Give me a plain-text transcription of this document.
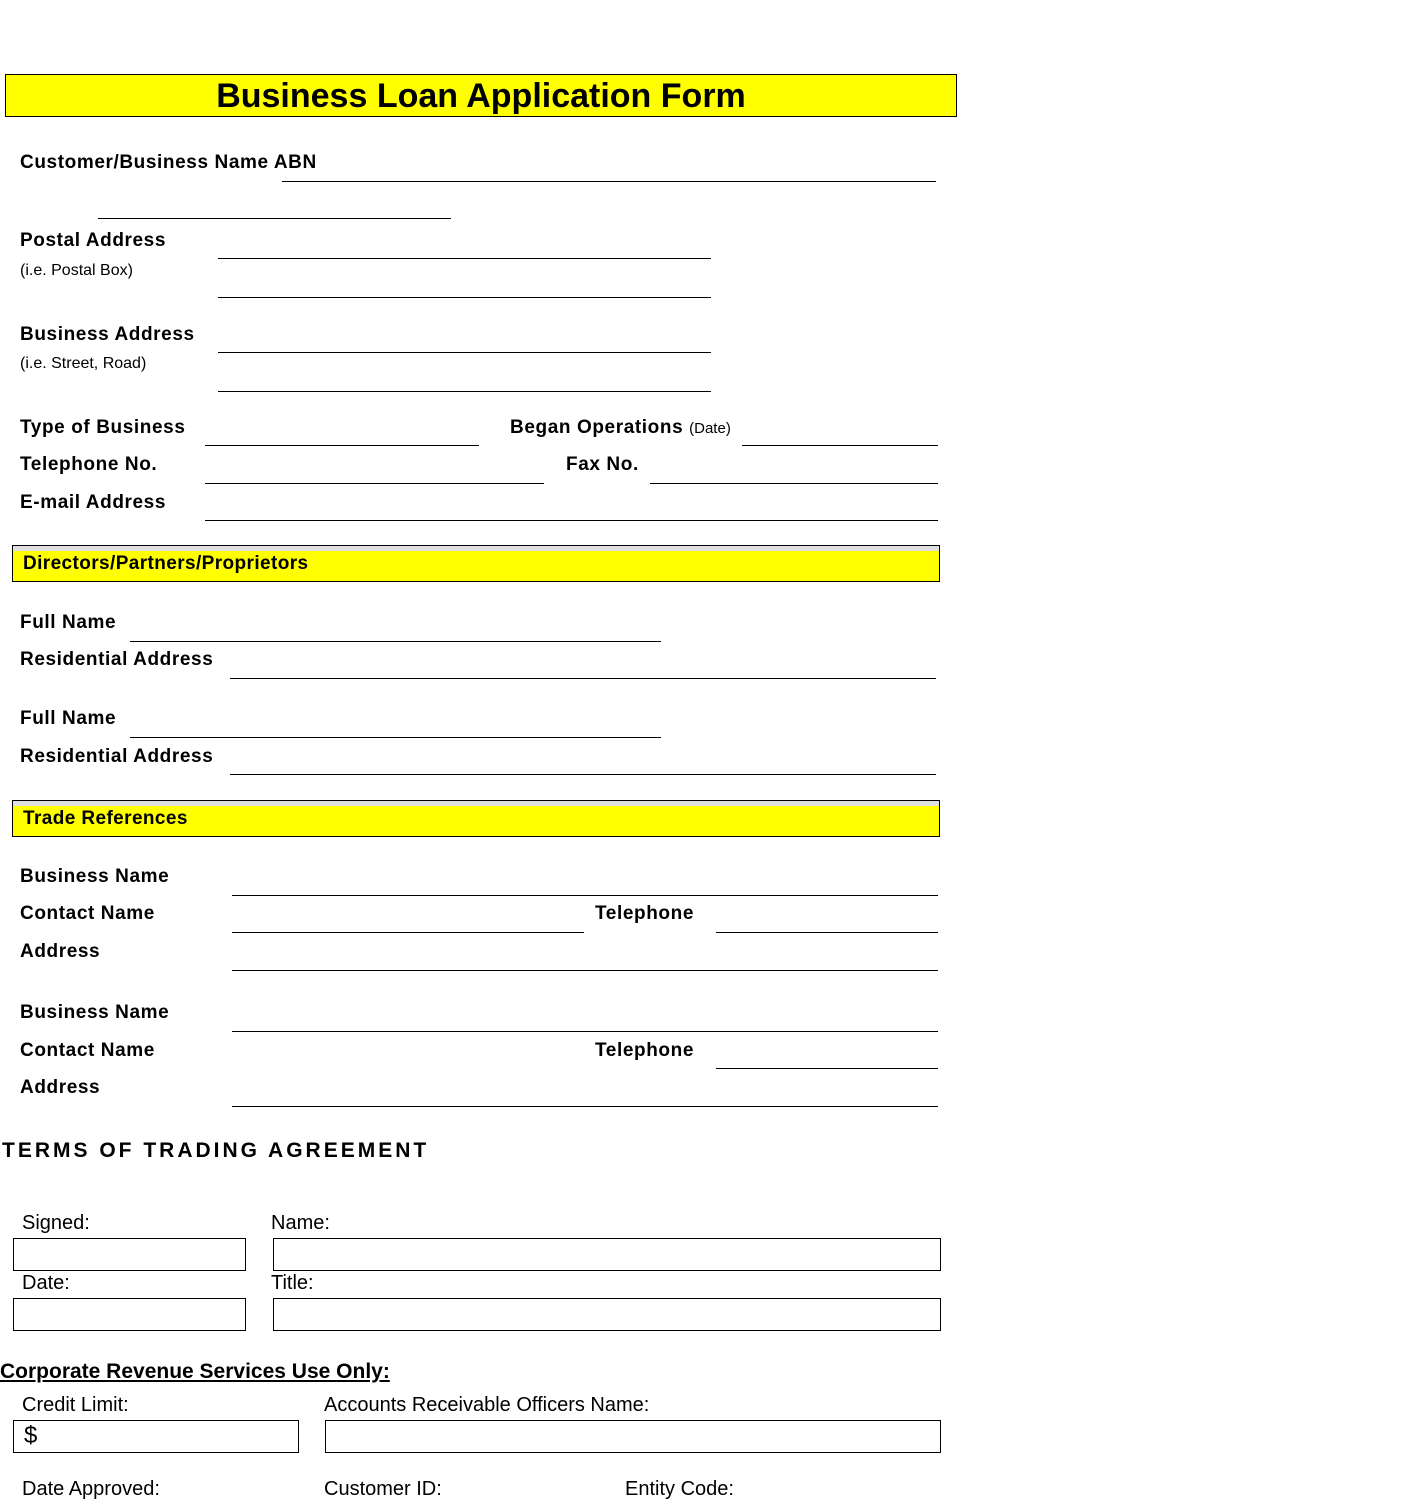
Business Loan Application Form
Customer/Business Name ABN
Postal Address
(i.e. Postal Box)
Business Address
(i.e. Street, Road)
Type of Business	Began Operations (Date)
Telephone No.	Fax No.
E-mail Address
Directors/Partners/Proprietors
Full Name
Residential Address
Full Name
Residential Address
Trade References
Business Name
Contact Name	Telephone
Address
Business Name
Contact Name	Telephone
Address
TERMS OF TRADING AGREEMENT
Signed:	Name:
Date:	Title:
Corporate Revenue Services Use Only:
Credit Limit:	Accounts Receivable Officers Name:
$
Date Approved:	Customer ID:	Entity Code:
